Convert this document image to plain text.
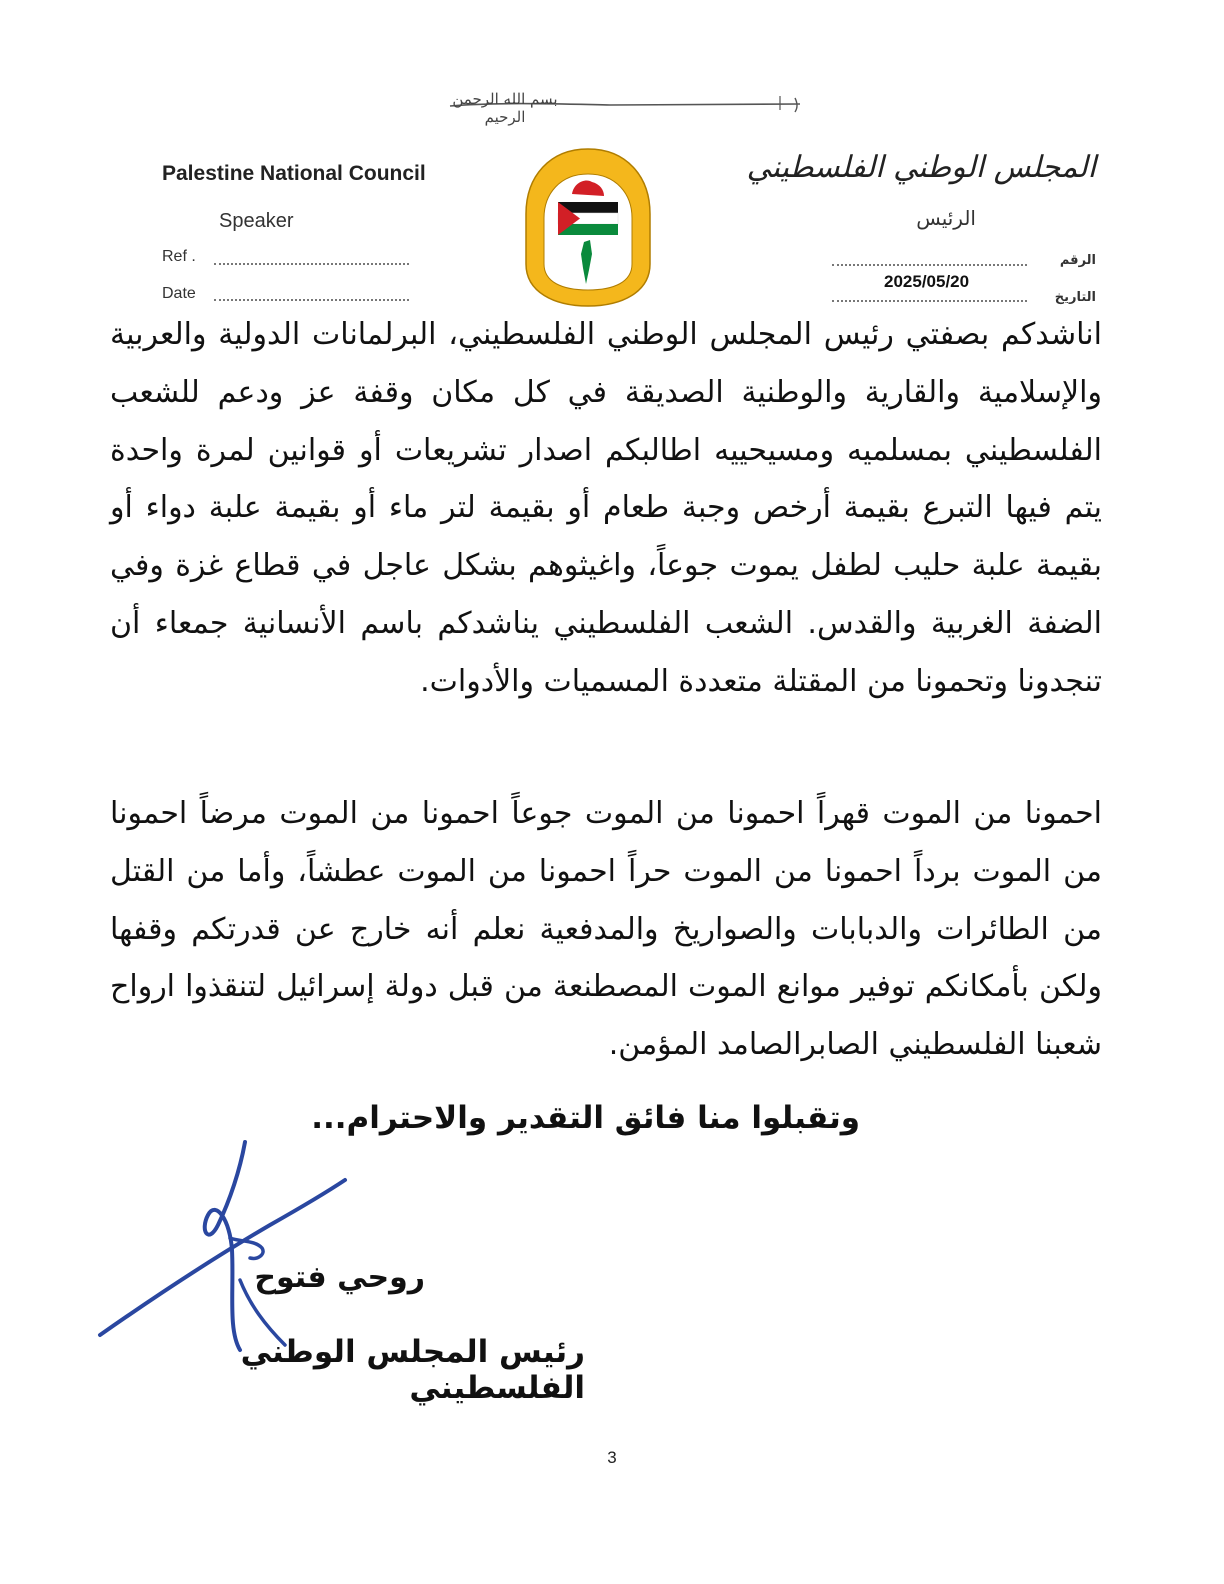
بسم الله الرحمن الرحيم
Palestine National Council
Speaker
Ref .
Date
المجلس الوطني الفلسطيني
الرئيس
الرقم
التاريخ
2025/05/20
اناشدكم بصفتي رئيس المجلس الوطني الفلسطيني، البرلمانات الدولية والعربية والإسلامية والقارية والوطنية الصديقة في كل مكان وقفة عز ودعم للشعب الفلسطيني بمسلميه ومسيحييه اطالبكم اصدار تشريعات أو قوانين لمرة واحدة يتم فيها التبرع بقيمة أرخص وجبة طعام أو بقيمة لتر ماء أو بقيمة علبة دواء أو بقيمة علبة حليب لطفل يموت جوعاً، واغيثوهم بشكل عاجل في قطاع غزة وفي الضفة الغربية والقدس. الشعب الفلسطيني يناشدكم باسم الأنسانية جمعاء أن تنجدونا وتحمونا من المقتلة متعددة المسميات والأدوات.
احمونا من الموت قهراً احمونا من الموت جوعاً احمونا من الموت مرضاً احمونا من الموت برداً احمونا من الموت حراً احمونا من الموت عطشاً، وأما من القتل من الطائرات والدبابات والصواريخ والمدفعية نعلم أنه خارج عن قدرتكم وقفها ولكن بأمكانكم توفير موانع الموت المصطنعة من قبل دولة إسرائيل لتنقذوا ارواح شعبنا الفلسطيني الصابرالصامد المؤمن.
وتقبلوا منا فائق التقدير والاحترام...
روحي فتوح
رئيس المجلس الوطني الفلسطيني
3
